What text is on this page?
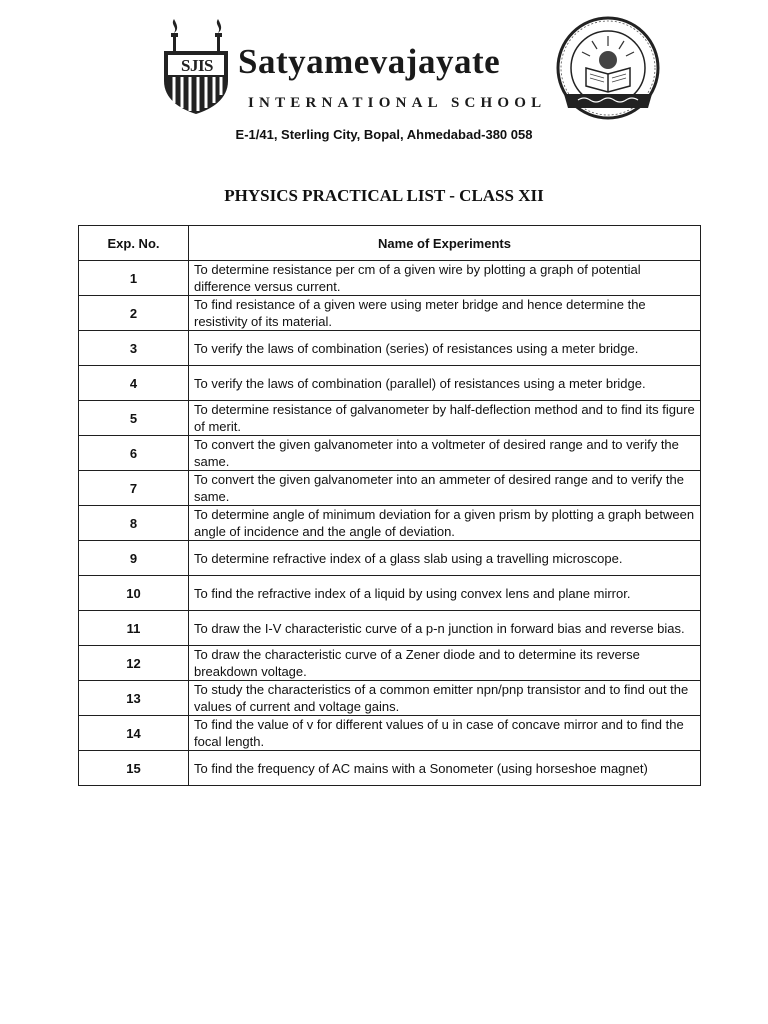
SJIS Satyamevajayate
INTERNATIONAL SCHOOL
E-1/41, Sterling City, Bopal, Ahmedabad-380 058
PHYSICS PRACTICAL LIST - CLASS XII
Exp. No.	Name of Experiments
1	To determine resistance per cm of a given wire by plotting a graph of potential difference versus current.
2	To find resistance of a given were using meter bridge and hence determine the resistivity of its material.
3	To verify the laws of combination (series) of resistances using a meter bridge.
4	To verify the laws of combination (parallel) of resistances using a meter bridge.
5	To determine resistance of galvanometer by half-deflection method and to find its figure of merit.
6	To convert the given galvanometer into a voltmeter of desired range and to verify the same.
7	To convert the given galvanometer into an ammeter of desired range and to verify the same.
8	To determine angle of minimum deviation for a given prism by plotting a graph between angle of incidence and the angle of deviation.
9	To determine refractive index of a glass slab using a travelling microscope.
10	To find the refractive index of a liquid by using convex lens and plane mirror.
11	To draw the I-V characteristic curve of a p-n junction in forward bias and reverse bias.
12	To draw the characteristic curve of a Zener diode and to determine its reverse breakdown voltage.
13	To study the characteristics of a common emitter npn/pnp transistor and to find out the values of current and voltage gains.
14	To find the value of v for different values of u in case of concave mirror and to find the focal length.
15	To find the frequency of AC mains with a Sonometer (using horseshoe magnet)
